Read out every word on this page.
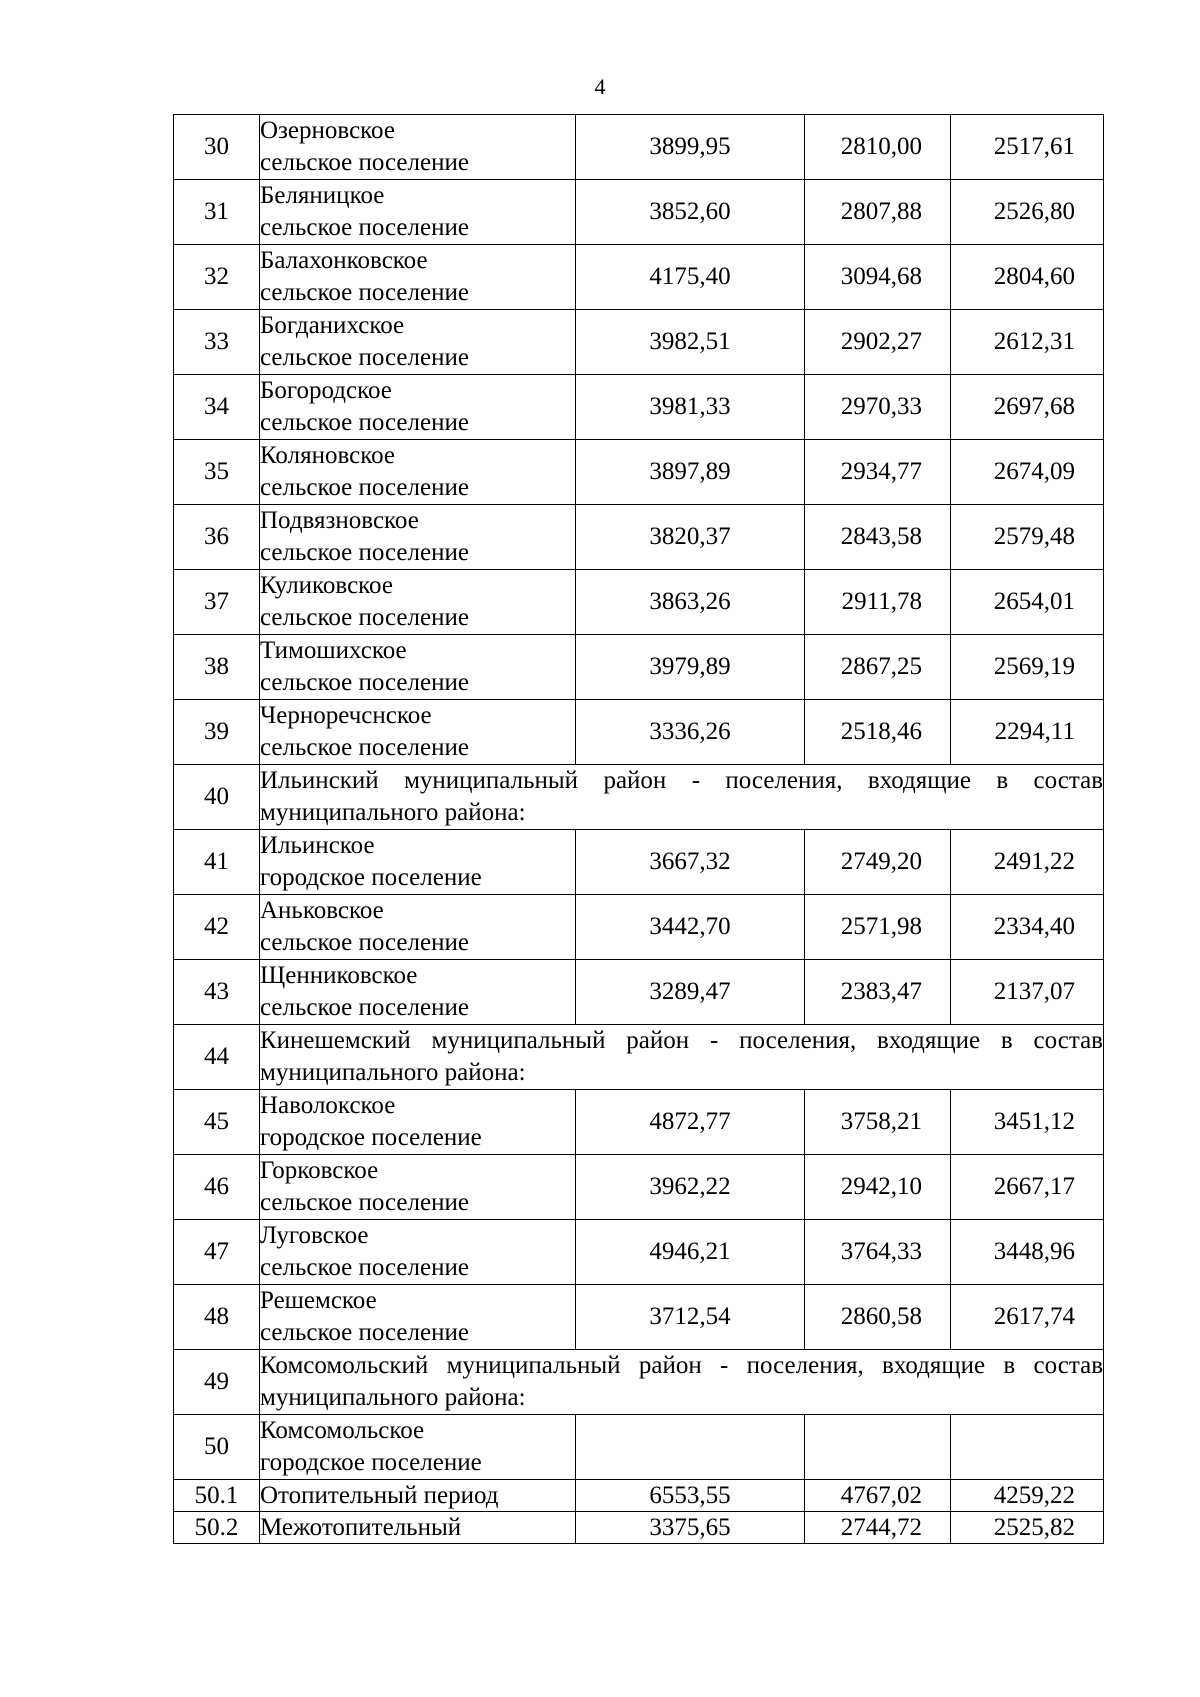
4
30	Озерновское
сельское поселение	3899,95	2810,00	2517,61
31	Беляницкое
сельское поселение	3852,60	2807,88	2526,80
32	Балахонковское
сельское поселение	4175,40	3094,68	2804,60
33	Богданихское
сельское поселение	3982,51	2902,27	2612,31
34	Богородское
сельское поселение	3981,33	2970,33	2697,68
35	Коляновское
сельское поселение	3897,89	2934,77	2674,09
36	Подвязновское
сельское поселение	3820,37	2843,58	2579,48
37	Куликовское
сельское поселение	3863,26	2911,78	2654,01
38	Тимошихское
сельское поселение	3979,89	2867,25	2569,19
39	Черноречснское
сельское поселение	3336,26	2518,46	2294,11
40	Ильинский муниципальный район - поселения, входящие в состав муниципального района:			
41	Ильинское
городское поселение	3667,32	2749,20	2491,22
42	Аньковское
сельское поселение	3442,70	2571,98	2334,40
43	Щенниковское
сельское поселение	3289,47	2383,47	2137,07
44	Кинешемский муниципальный район - поселения, входящие в состав муниципального района:			
45	Наволокское
городское поселение	4872,77	3758,21	3451,12
46	Горковское
сельское поселение	3962,22	2942,10	2667,17
47	Луговское
сельское поселение	4946,21	3764,33	3448,96
48	Решемское
сельское поселение	3712,54	2860,58	2617,74
49	Комсомольский муниципальный район - поселения, входящие в состав муниципального района:			
50	Комсомольское
городское поселение			

50.1	Отопительный период	6553,55	4767,02	4259,22
50.2	Межотопительный	3375,65	2744,72	2525,82
